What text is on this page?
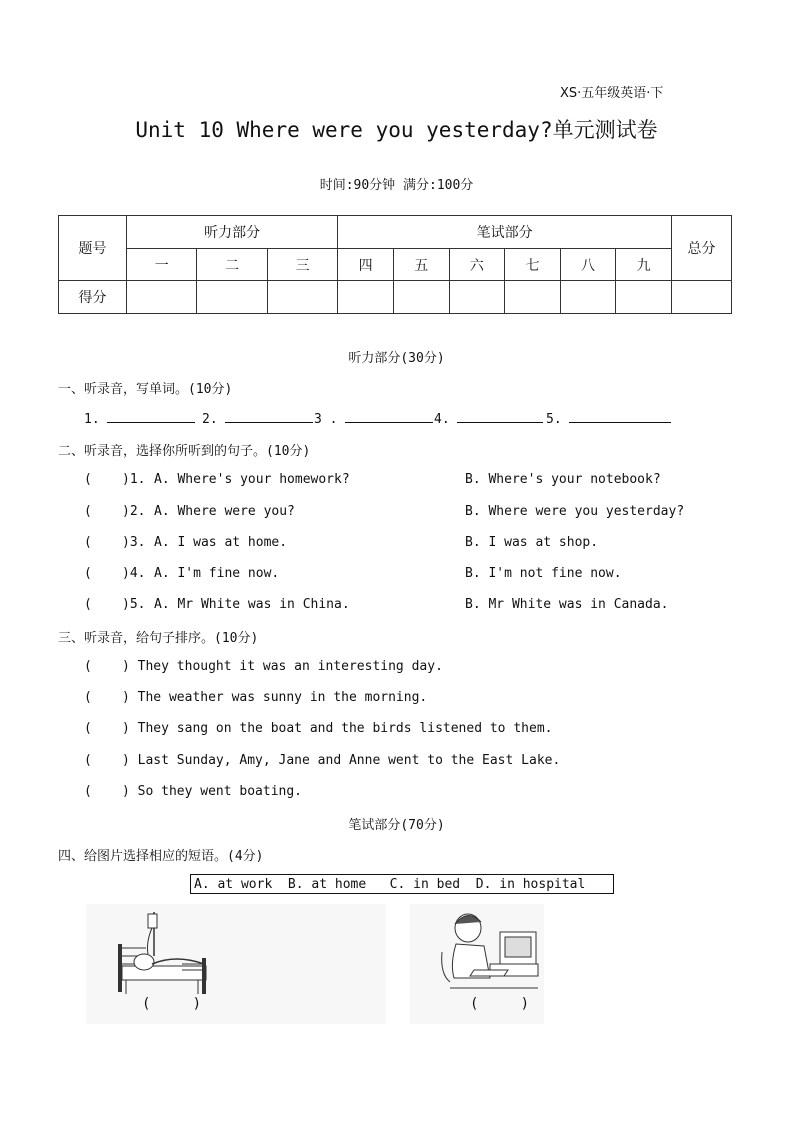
XS·五年级英语·下
Unit 10 Where were you yesterday?单元测试卷
时间:90分钟 满分:100分
题号	听力部分			笔试部分						总分
	一	二	三	四	五	六	七	八	九	
得分										
听力部分(30分)
一、听录音，写单词。(10分)
1.	2.	3 .	4.	5.
二、听录音，选择你所听到的句子。(10分)
( )1. A. Where's your homework?	B. Where's your notebook?
( )2. A. Where were you?	B. Where were you yesterday?
( )3. A. I was at home.	B. I was at shop.
( )4. A. I'm fine now.	B. I'm not fine now.
( )5. A. Mr White was in China.	B. Mr White was in Canada.
三、听录音，给句子排序。(10分)
( ) They thought it was an interesting day.
( ) The weather was sunny in the morning.
( ) They sang on the boat and the birds listened to them.
( ) Last Sunday, Amy, Jane and Anne went to the East Lake.
( ) So they went boating.
笔试部分(70分)
四、给图片选择相应的短语。(4分)
A. at work  B. at home   C. in bed  D. in hospital
(     )	(     )
